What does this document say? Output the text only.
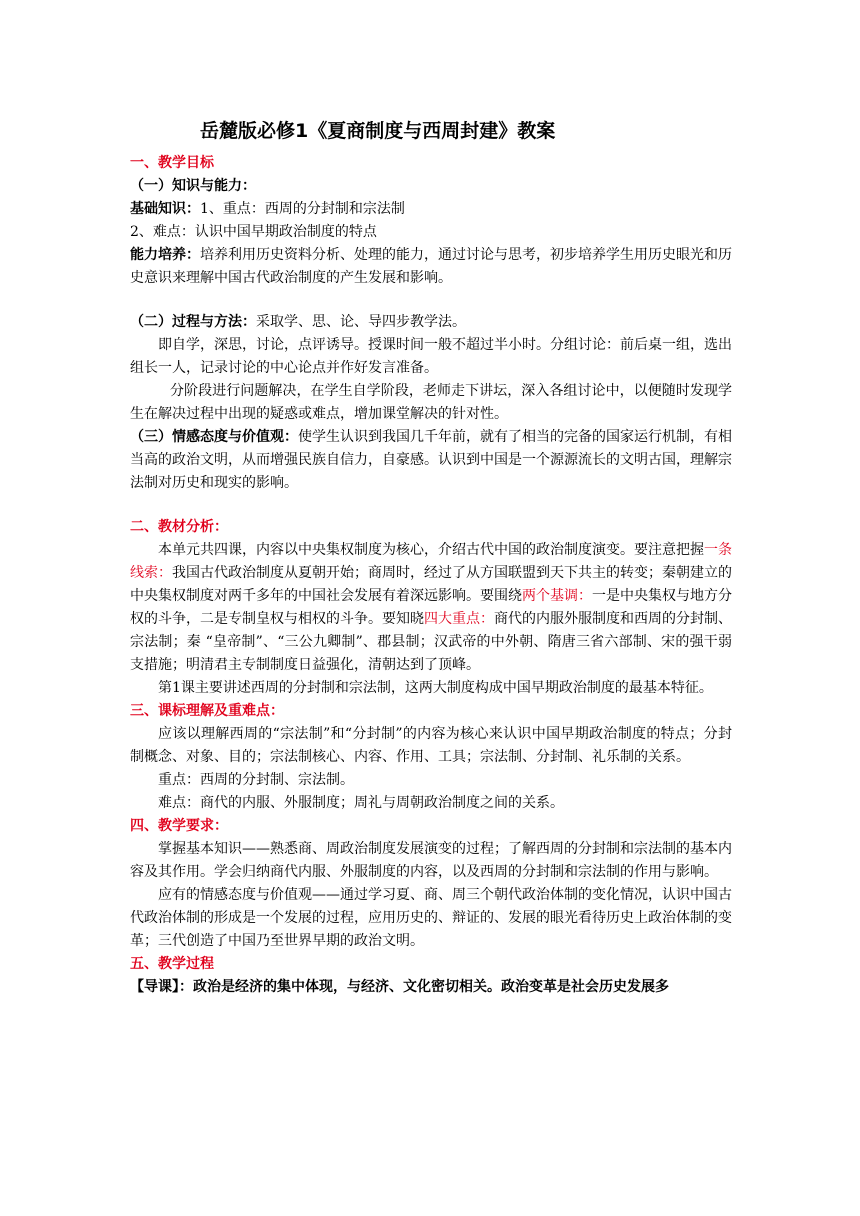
岳麓版必修1《夏商制度与西周封建》教案

一、教学目标

（一）知识与能力：

基础知识：1、重点：西周的分封制和宗法制

2、难点：认识中国早期政治制度的特点

能力培养：培养利用历史资料分析、处理的能力，通过讨论与思考，初步培养学生用历史眼光和历史意识来理解中国古代政治制度的产生发展和影响。

（二）过程与方法：采取学、思、论、导四步教学法。

即自学，深思，讨论，点评诱导。授课时间一般不超过半小时。分组讨论：前后桌一组，选出组长一人，记录讨论的中心论点并作好发言准备。

分阶段进行问题解决，在学生自学阶段，老师走下讲坛，深入各组讨论中，以便随时发现学生在解决过程中出现的疑惑或难点，增加课堂解决的针对性。

（三）情感态度与价值观：使学生认识到我国几千年前，就有了相当的完备的国家运行机制，有相当高的政治文明，从而增强民族自信力，自豪感。认识到中国是一个源源流长的文明古国，理解宗法制对历史和现实的影响。

二、教材分析：

本单元共四课，内容以中央集权制度为核心，介绍古代中国的政治制度演变。要注意把握一条线索：我国古代政治制度从夏朝开始；商周时，经过了从方国联盟到天下共主的转变；秦朝建立的中央集权制度对两千多年的中国社会发展有着深远影响。要围绕两个基调：一是中央集权与地方分权的斗争，二是专制皇权与相权的斗争。要知晓四大重点：商代的内服外服制度和西周的分封制、宗法制；秦 “皇帝制”、“三公九卿制”、郡县制；汉武帝的中外朝、隋唐三省六部制、宋的强干弱支措施；明清君主专制制度日益强化，清朝达到了顶峰。

第1课主要讲述西周的分封制和宗法制，这两大制度构成中国早期政治制度的最基本特征。

三、课标理解及重难点：

应该以理解西周的“宗法制”和“分封制”的内容为核心来认识中国早期政治制度的特点；分封制概念、对象、目的；宗法制核心、内容、作用、工具；宗法制、分封制、礼乐制的关系。

重点：西周的分封制、宗法制。

难点：商代的内服、外服制度；周礼与周朝政治制度之间的关系。

四、教学要求：

掌握基本知识——熟悉商、周政治制度发展演变的过程；了解西周的分封制和宗法制的基本内容及其作用。学会归纳商代内服、外服制度的内容，以及西周的分封制和宗法制的作用与影响。

应有的情感态度与价值观——通过学习夏、商、周三个朝代政治体制的变化情况，认识中国古代政治体制的形成是一个发展的过程，应用历史的、辩证的、发展的眼光看待历史上政治体制的变革；三代创造了中国乃至世界早期的政治文明。

五、教学过程

【导课】：政治是经济的集中体现，与经济、文化密切相关。政治变革是社会历史发展多
